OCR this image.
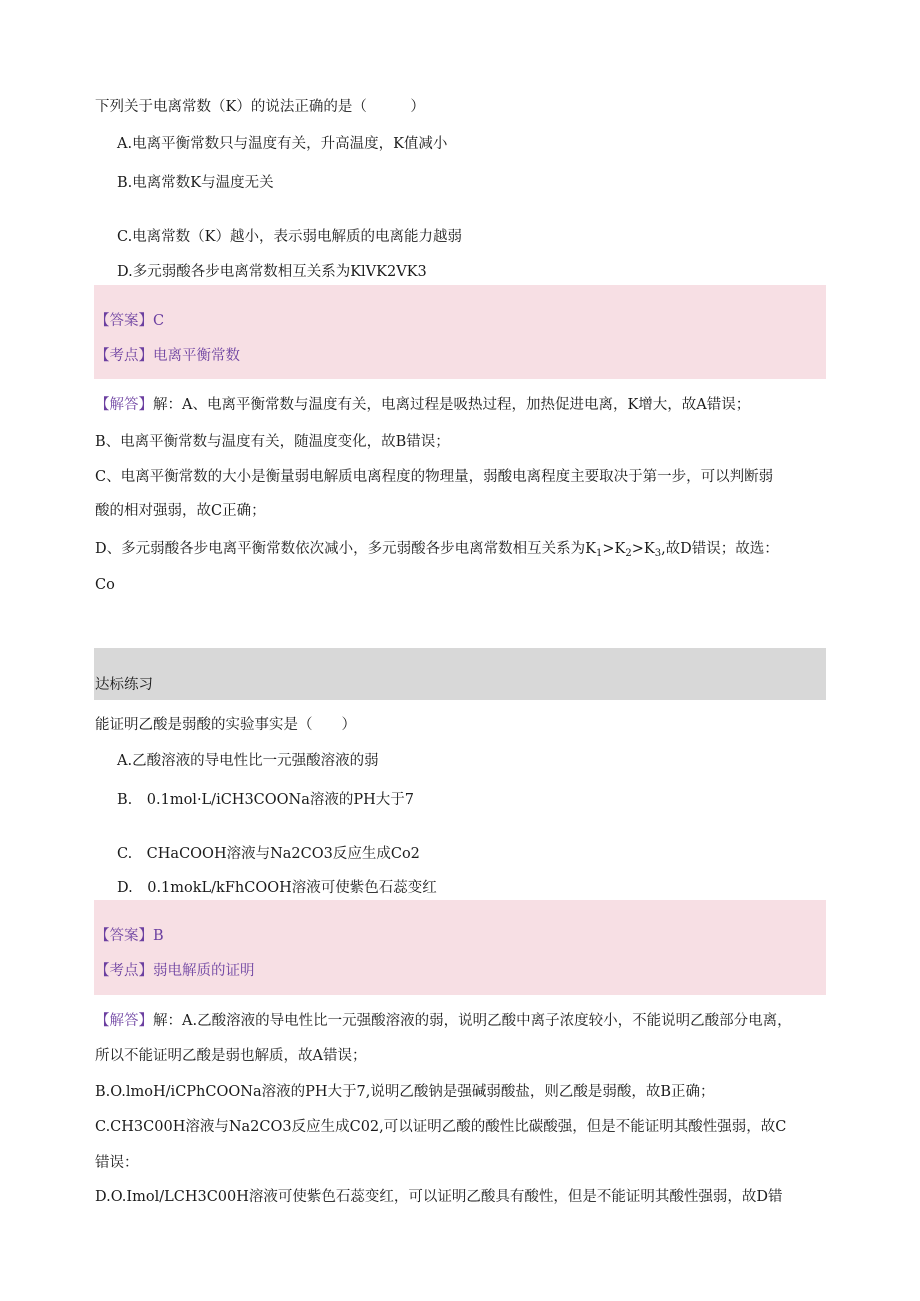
下列关于电离常数（K）的说法正确的是（　　　）
A.电离平衡常数只与温度有关，升高温度，K值减小
B.电离常数K与温度无关
C.电离常数（K）越小，表示弱电解质的电离能力越弱
D.多元弱酸各步电离常数相互关系为KlVK2VK3
【答案】C
【考点】电离平衡常数
【解答】解：A、电离平衡常数与温度有关，电离过程是吸热过程，加热促进电离，K增大，故A错误；
B、电离平衡常数与温度有关，随温度变化，故B错误；
C、电离平衡常数的大小是衡量弱电解质电离程度的物理量，弱酸电离程度主要取决于第一步，可以判断弱
酸的相对强弱，故C正确；
D、多元弱酸各步电离平衡常数依次减小，多元弱酸各步电离常数相互关系为$K_1>K_2>K_3$,故D错误；故选：
Co
达标练习
能证明乙酸是弱酸的实验事实是（　　）
A.乙酸溶液的导电性比一元强酸溶液的弱
B.　0.1mol·L/iCH3COONa溶液的PH大于7
C.　CHaCOOH溶液与Na2CO3反应生成Co2
D.　0.1mokL/kFhCOOH溶液可使紫色石蕊变红
【答案】B
【考点】弱电解质的证明
【解答】解：A.乙酸溶液的导电性比一元强酸溶液的弱，说明乙酸中离子浓度较小，不能说明乙酸部分电离，
所以不能证明乙酸是弱也解质，故A错误；
B.O.lmoH/iCPhCOONa溶液的PH大于7,说明乙酸钠是强碱弱酸盐，则乙酸是弱酸，故B正确；
C.CH3C00H溶液与Na2CO3反应生成C02,可以证明乙酸的酸性比碳酸强，但是不能证明其酸性强弱，故C
错误：
D.O.Imol/LCH3C00H溶液可使紫色石蕊变红，可以证明乙酸具有酸性，但是不能证明其酸性强弱，故D错
